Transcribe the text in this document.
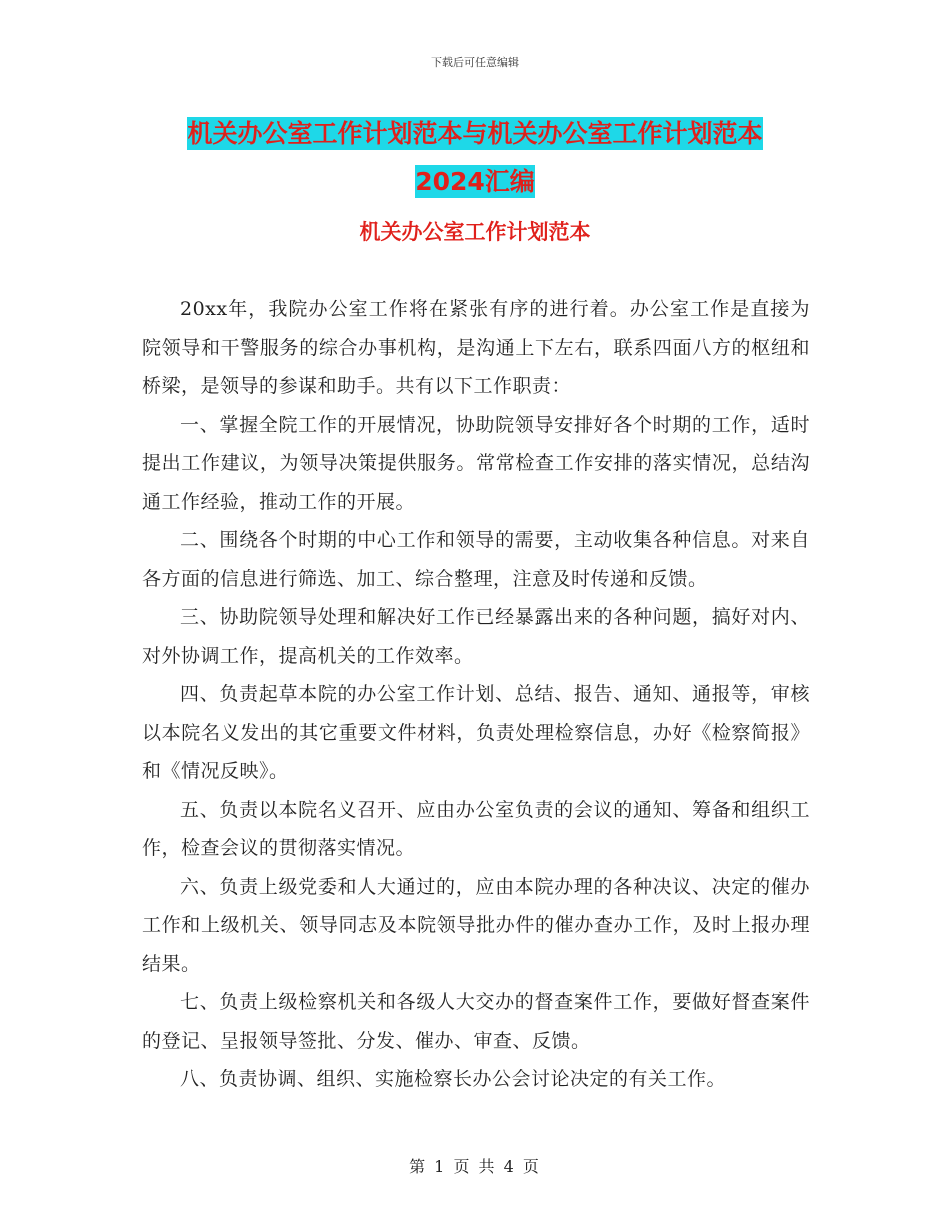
下载后可任意编辑
机关办公室工作计划范本与机关办公室工作计划范本
2024汇编
机关办公室工作计划范本

20xx年，我院办公室工作将在紧张有序的进行着。办公室工作是直接为院领导和干警服务的综合办事机构，是沟通上下左右，联系四面八方的枢纽和桥梁，是领导的参谋和助手。共有以下工作职责：

一、掌握全院工作的开展情况，协助院领导安排好各个时期的工作，适时提出工作建议，为领导决策提供服务。常常检查工作安排的落实情况，总结沟通工作经验，推动工作的开展。

二、围绕各个时期的中心工作和领导的需要，主动收集各种信息。对来自各方面的信息进行筛选、加工、综合整理，注意及时传递和反馈。

三、协助院领导处理和解决好工作已经暴露出来的各种问题，搞好对内、对外协调工作，提高机关的工作效率。

四、负责起草本院的办公室工作计划、总结、报告、通知、通报等，审核以本院名义发出的其它重要文件材料，负责处理检察信息，办好《检察简报》和《情况反映》。

五、负责以本院名义召开、应由办公室负责的会议的通知、筹备和组织工作，检查会议的贯彻落实情况。

六、负责上级党委和人大通过的，应由本院办理的各种决议、决定的催办工作和上级机关、领导同志及本院领导批办件的催办查办工作，及时上报办理结果。

七、负责上级检察机关和各级人大交办的督查案件工作，要做好督查案件的登记、呈报领导签批、分发、催办、审查、反馈。

八、负责协调、组织、实施检察长办公会讨论决定的有关工作。

第 1 页 共 4 页
